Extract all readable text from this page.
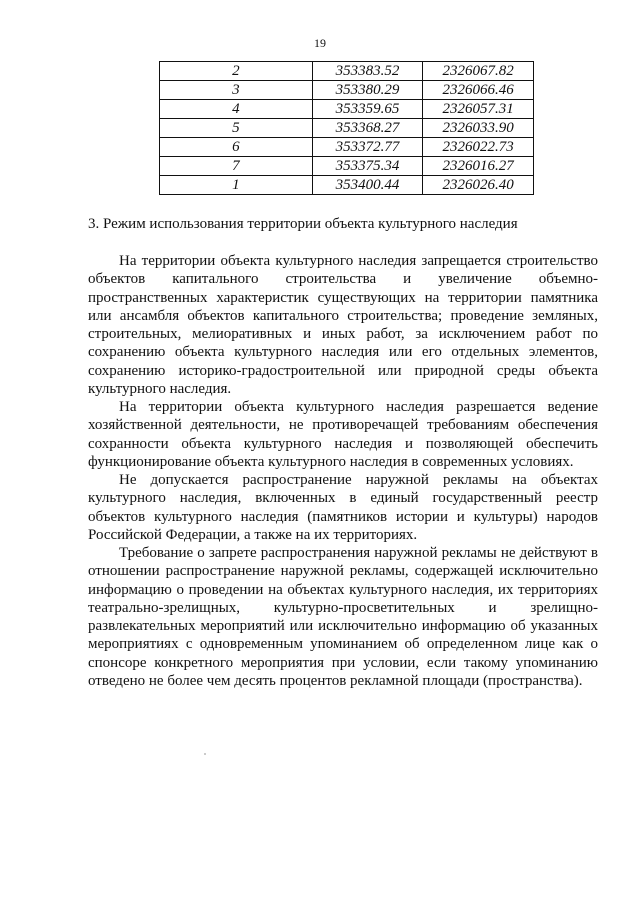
19
2	353383.52	2326067.82
3	353380.29	2326066.46
4	353359.65	2326057.31
5	353368.27	2326033.90
6	353372.77	2326022.73
7	353375.34	2326016.27
1	353400.44	2326026.40
3. Режим использования территории объекта культурного наследия

На территории объекта культурного наследия запрещается строительство объектов капитального строительства и увеличение объемно-пространственных характеристик существующих на территории памятника или ансамбля объектов капитального строительства; проведение земляных, строительных, мелиоративных и иных работ, за исключением работ по сохранению объекта культурного наследия или его отдельных элементов, сохранению историко-градостроительной или природной среды объекта культурного наследия.

На территории объекта культурного наследия разрешается ведение хозяйственной деятельности, не противоречащей требованиям обеспечения сохранности объекта культурного наследия и позволяющей обеспечить функционирование объекта культурного наследия в современных условиях.

Не допускается распространение наружной рекламы на объектах культурного наследия, включенных в единый государственный реестр объектов культурного наследия (памятников истории и культуры) народов Российской Федерации, а также на их территориях.

Требование о запрете распространения наружной рекламы не действуют в отношении распространение наружной рекламы, содержащей исключительно информацию о проведении на объектах культурного наследия, их территориях театрально-зрелищных, культурно-просветительных и зрелищно-развлекательных мероприятий или исключительно информацию об указанных мероприятиях с одновременным упоминанием об определенном лице как о спонсоре конкретного мероприятия при условии, если такому упоминанию отведено не более чем десять процентов рекламной площади (пространства).
